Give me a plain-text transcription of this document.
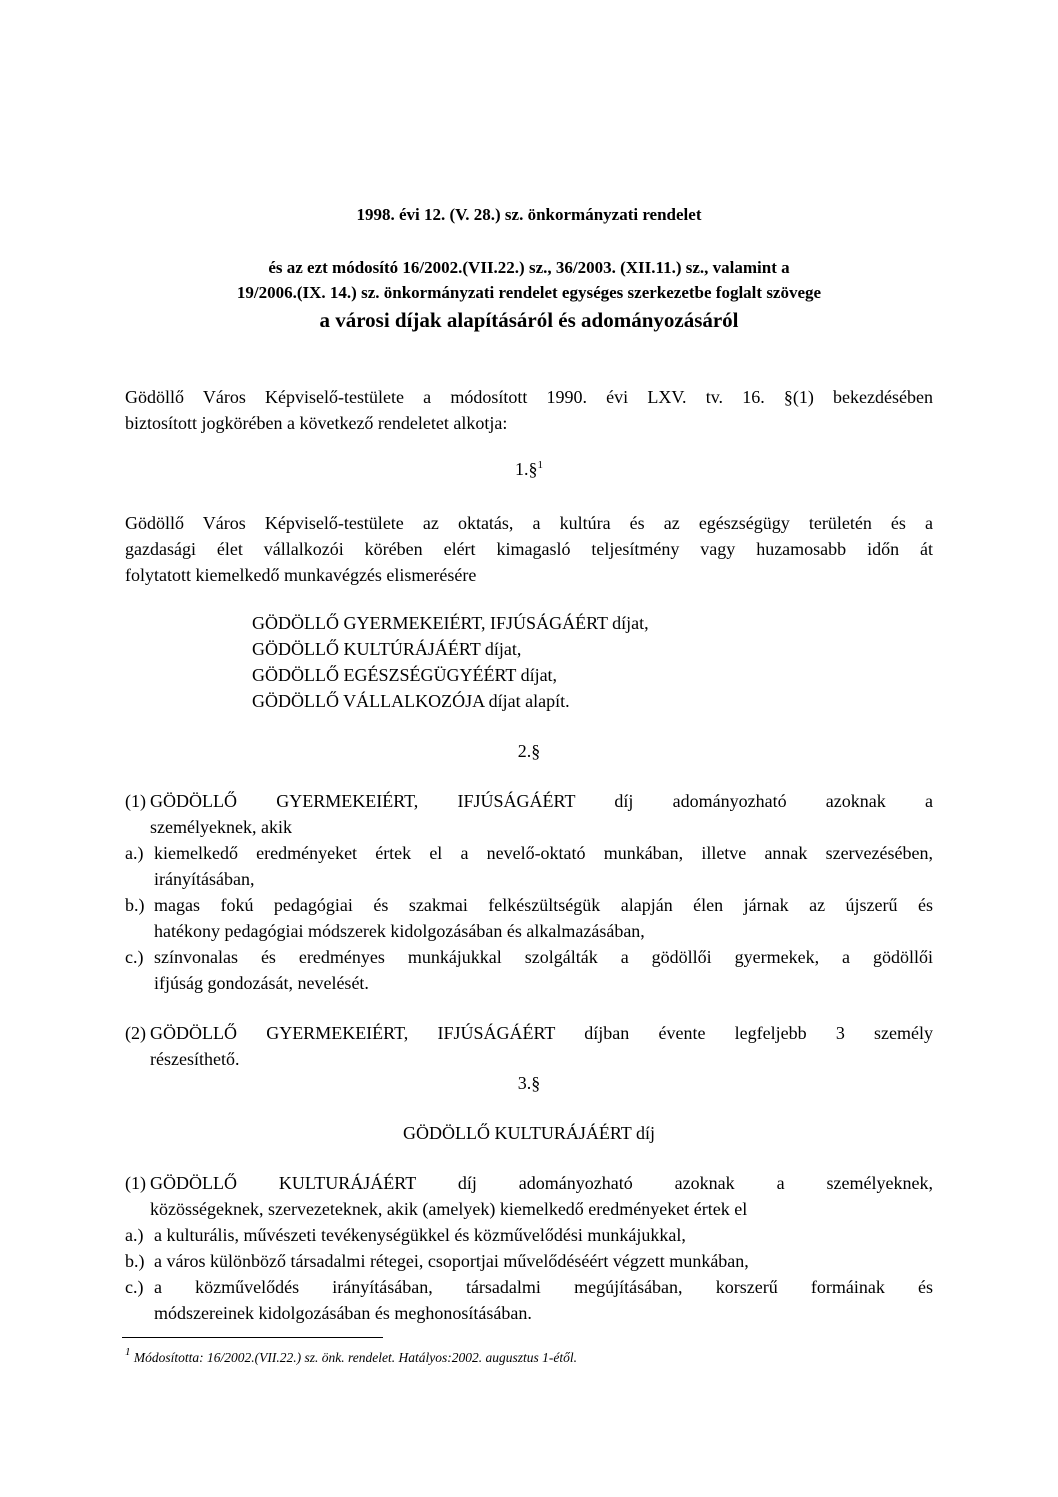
1998. évi 12. (V. 28.) sz. önkormányzati rendelet
és az ezt módosító 16/2002.(VII.22.) sz., 36/2003. (XII.11.) sz., valamint a
19/2006.(IX. 14.) sz. önkormányzati rendelet egységes szerkezetbe foglalt szövege
a városi díjak alapításáról és adományozásáról
Gödöllő Város Képviselő-testülete a módosított 1990. évi LXV. tv. 16. §(1) bekezdésében
biztosított jogkörében a következő rendeletet alkotja:
1.§$^1$
Gödöllő Város Képviselő-testülete az oktatás, a kultúra és az egészségügy területén és a
gazdasági élet vállalkozói körében elért kimagasló teljesítmény vagy huzamosabb időn át
folytatott kiemelkedő munkavégzés elismerésére
GÖDÖLLŐ GYERMEKEIÉRT, IFJÚSÁGÁÉRT díjat,
GÖDÖLLŐ KULTÚRÁJÁÉRT díjat,
GÖDÖLLŐ EGÉSZSÉGÜGYÉÉRT díjat,
GÖDÖLLŐ VÁLLALKOZÓJA díjat alapít.
2.§
(1) GÖDÖLLŐ GYERMEKEIÉRT, IFJÚSÁGÁÉRT díj adományozható azoknak a
személyeknek, akik
a.) kiemelkedő eredményeket értek el a nevelő-oktató munkában, illetve annak szervezésében,
irányításában,
b.) magas fokú pedagógiai és szakmai felkészültségük alapján élen járnak az újszerű és
hatékony pedagógiai módszerek kidolgozásában és alkalmazásában,
c.) színvonalas és eredményes munkájukkal szolgálták a gödöllői gyermekek, a gödöllői
ifjúság gondozását, nevelését.
(2) GÖDÖLLŐ GYERMEKEIÉRT, IFJÚSÁGÁÉRT díjban évente legfeljebb 3 személy
részesíthető.
3.§
GÖDÖLLŐ KULTURÁJÁÉRT díj
(1) GÖDÖLLŐ KULTURÁJÁÉRT díj adományozható azoknak a személyeknek,
közösségeknek, szervezeteknek, akik (amelyek) kiemelkedő eredményeket értek el
a.) a kulturális, művészeti tevékenységükkel és közművelődési munkájukkal,
b.) a város különböző társadalmi rétegei, csoportjai művelődéséért végzett munkában,
c.) a közművelődés irányításában, társadalmi megújításában, korszerű formáinak és
módszereinek kidolgozásában és meghonosításában.
$^1$ Módosította: 16/2002.(VII.22.) sz. önk. rendelet. Hatályos:2002. augusztus 1-étől.
